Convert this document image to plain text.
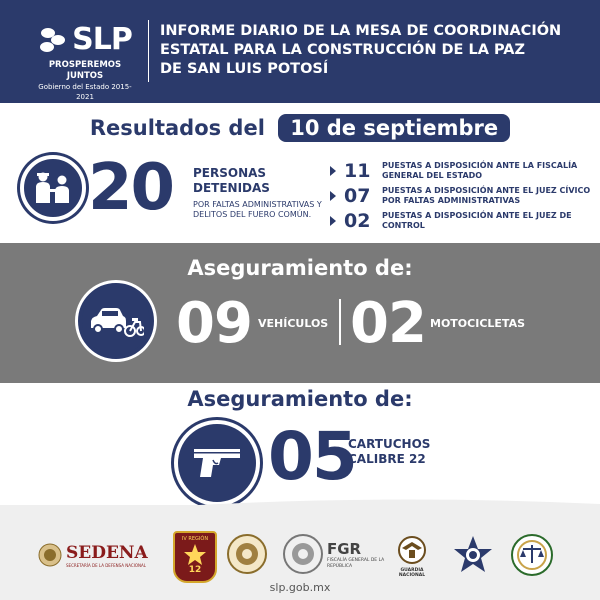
SLP
PROSPEREMOS JUNTOS
Gobierno del Estado 2015-2021
INFORME DIARIO DE LA MESA DE COORDINACIÓN
ESTATAL PARA LA CONSTRUCCIÓN DE LA PAZ
DE SAN LUIS POTOSÍ
Resultados del 10 de septiembre
20 PERSONAS
DETENIDAS
POR FALTAS ADMINISTRATIVAS Y DELITOS DEL FUERO COMÚN.
11 PUESTAS A DISPOSICIÓN ANTE LA FISCALÍA GENERAL DEL ESTADO
07 PUESTAS A DISPOSICIÓN ANTE EL JUEZ CÍVICO POR FALTAS ADMINISTRATIVAS
02 PUESTAS A DISPOSICIÓN ANTE EL JUEZ DE CONTROL
Aseguramiento de:
09 VEHÍCULOS 02 MOTOCICLETAS
Aseguramiento de:
05
CARTUCHOS
CALIBRE 22
SEDENA
SECRETARÍA DE LA DEFENSA NACIONAL
IV REGIÓN
12
FGR
FISCALÍA GENERAL DE LA REPÚBLICA
GUARDIA NACIONAL
slp.gob.mx
